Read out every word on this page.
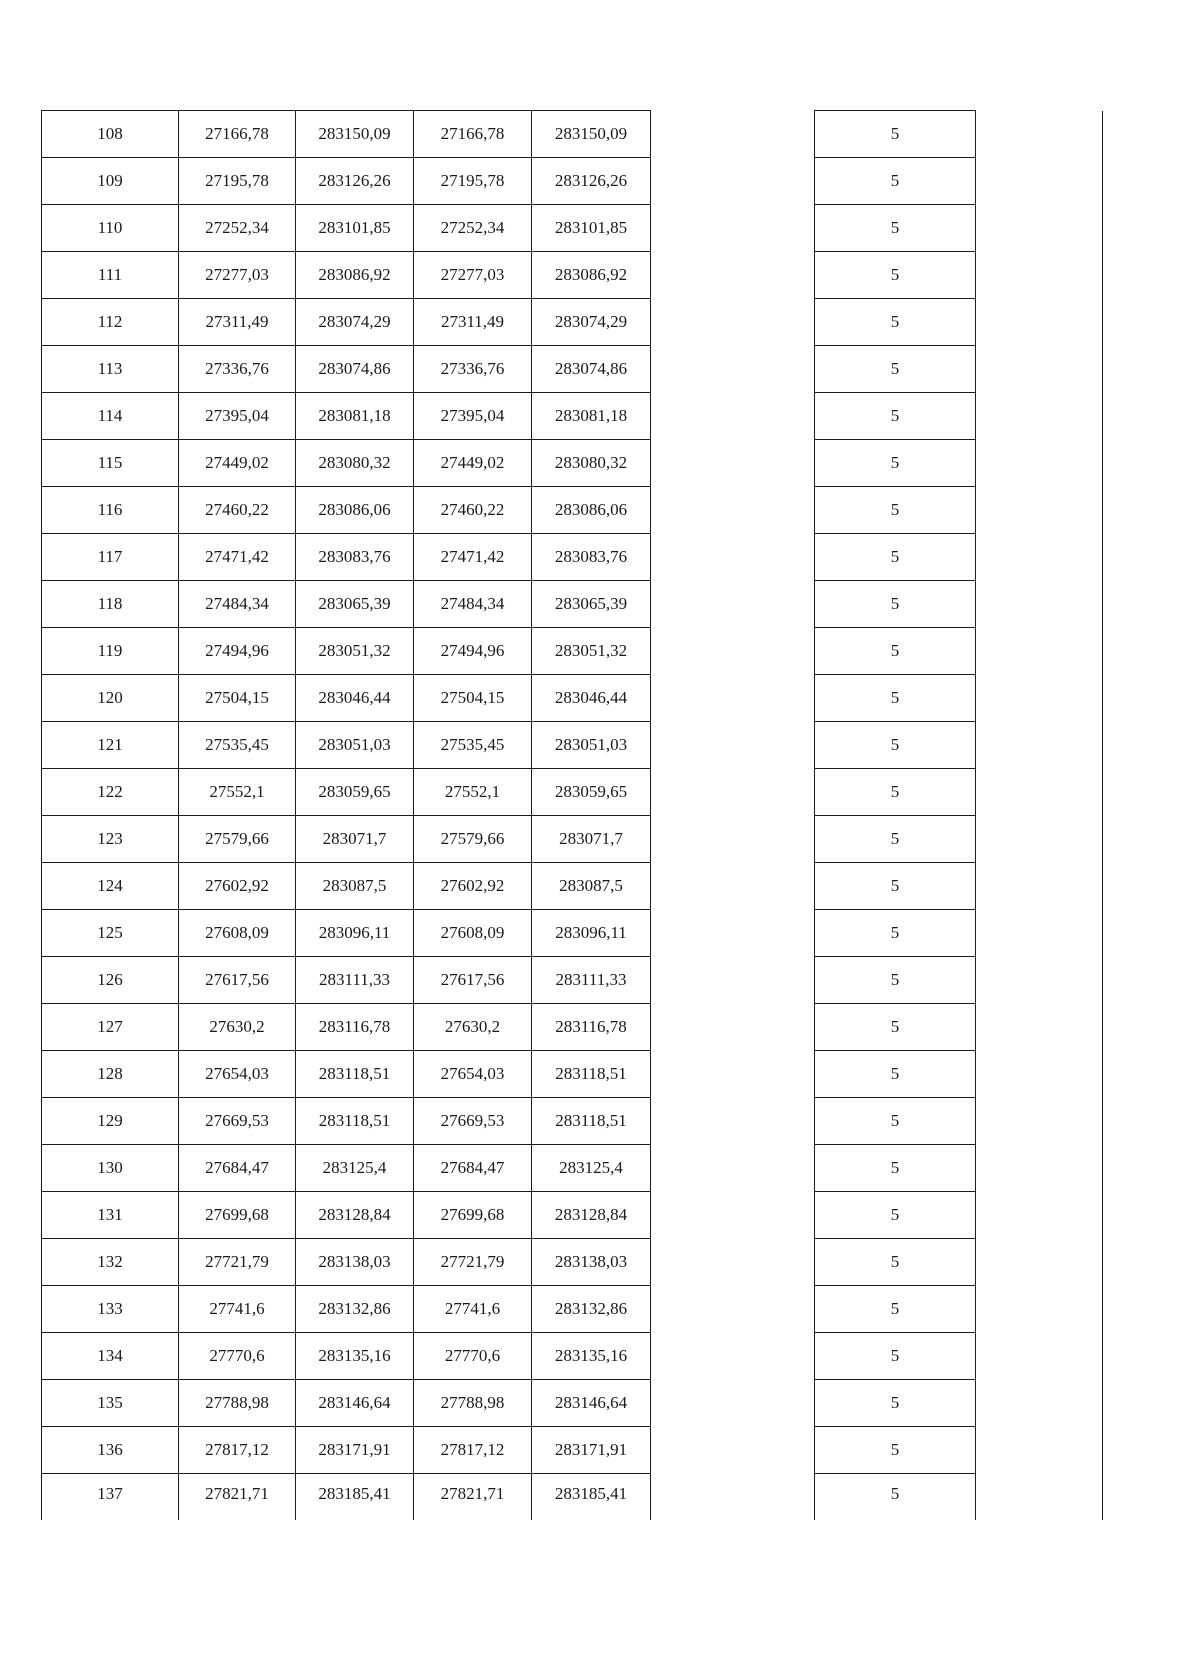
108	27166,78	283150,09	27166,78	283150,09		5	
109	27195,78	283126,26	27195,78	283126,26		5	
110	27252,34	283101,85	27252,34	283101,85		5	
111	27277,03	283086,92	27277,03	283086,92		5	
112	27311,49	283074,29	27311,49	283074,29		5	
113	27336,76	283074,86	27336,76	283074,86		5	
114	27395,04	283081,18	27395,04	283081,18		5	
115	27449,02	283080,32	27449,02	283080,32		5	
116	27460,22	283086,06	27460,22	283086,06		5	
117	27471,42	283083,76	27471,42	283083,76		5	
118	27484,34	283065,39	27484,34	283065,39		5	
119	27494,96	283051,32	27494,96	283051,32		5	
120	27504,15	283046,44	27504,15	283046,44		5	
121	27535,45	283051,03	27535,45	283051,03		5	
122	27552,1	283059,65	27552,1	283059,65		5	
123	27579,66	283071,7	27579,66	283071,7		5	
124	27602,92	283087,5	27602,92	283087,5		5	
125	27608,09	283096,11	27608,09	283096,11		5	
126	27617,56	283111,33	27617,56	283111,33		5	
127	27630,2	283116,78	27630,2	283116,78		5	
128	27654,03	283118,51	27654,03	283118,51		5	
129	27669,53	283118,51	27669,53	283118,51		5	
130	27684,47	283125,4	27684,47	283125,4		5	
131	27699,68	283128,84	27699,68	283128,84		5	
132	27721,79	283138,03	27721,79	283138,03		5	
133	27741,6	283132,86	27741,6	283132,86		5	
134	27770,6	283135,16	27770,6	283135,16		5	
135	27788,98	283146,64	27788,98	283146,64		5	
136	27817,12	283171,91	27817,12	283171,91		5	
137	27821,71	283185,41	27821,71	283185,41		5	
